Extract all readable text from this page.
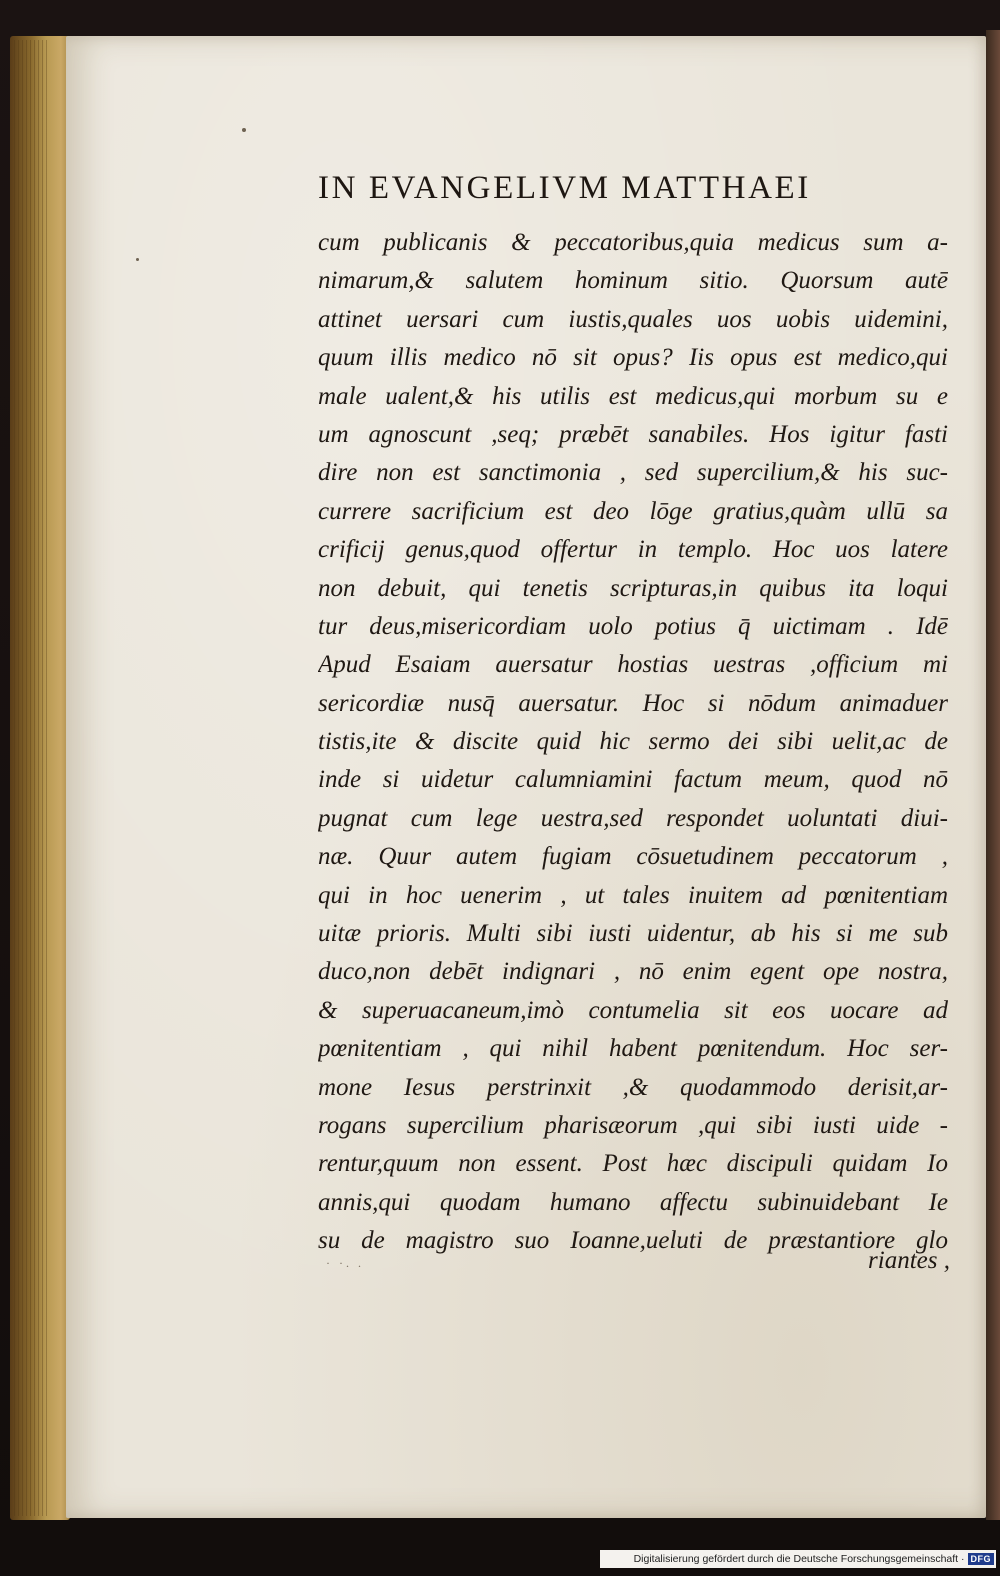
IN EVANGELIVM MATTHAEI
cum publicanis & peccatoribus,quia medicus sum a-
nimarum,& salutem hominum sitio. Quorsum autē
attinet uersari cum iustis,quales uos uobis uidemini,
quum illis medico nō sit opus? Iis opus est medico,qui
male ualent,& his utilis est medicus,qui morbum su e
um agnoscunt ,seq; præbēt sanabiles. Hos igitur fasti
dire non est sanctimonia , sed supercilium,& his suc-
currere sacrificium est deo lōge gratius,quàm ullū sa
crificij genus,quod offertur in templo. Hoc uos latere
non debuit, qui tenetis scripturas,in quibus ita loqui
tur deus,misericordiam uolo potius q̄ uictimam . Idē
Apud Esaiam auersatur hostias uestras ,officium mi
sericordiæ nusq̄ auersatur. Hoc si nōdum animaduer
tistis,ite & discite quid hic sermo dei sibi uelit,ac de
inde si uidetur calumniamini factum meum, quod nō
pugnat cum lege uestra,sed respondet uoluntati diui-
næ. Quur autem fugiam cōsuetudinem peccatorum ,
qui in hoc uenerim , ut tales inuitem ad pœnitentiam
uitæ prioris. Multi sibi iusti uidentur, ab his si me sub
duco,non debēt indignari , nō enim egent ope nostra,
& superuacaneum,imò contumelia sit eos uocare ad
pœnitentiam , qui nihil habent pœnitendum. Hoc ser-
mone Iesus perstrinxit ,& quodammodo derisit,ar-
rogans supercilium pharisæorum ,qui sibi iusti uide -
rentur,quum non essent. Post hæc discipuli quidam Io
annis,qui quodam humano affectu subinuidebant Ie
su de magistro suo Ioanne,ueluti de præstantiore glo
· ·. .	riantes ,
Digitalisierung gefördert durch die Deutsche Forschungsgemeinschaft · DFG
